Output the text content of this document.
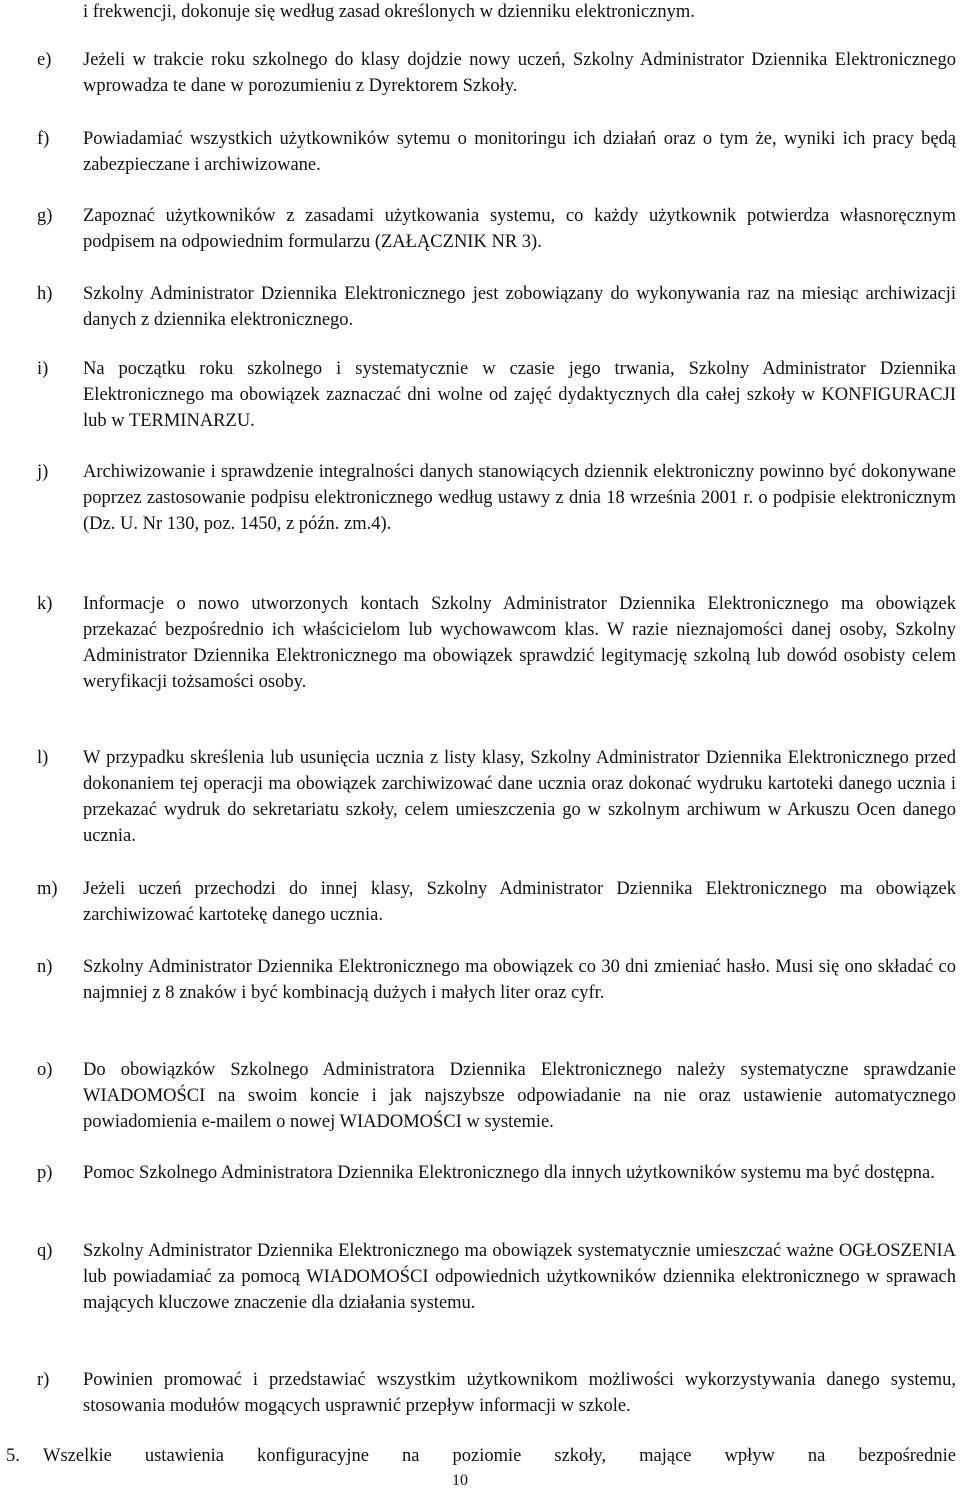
i frekwencji, dokonuje się według zasad określonych w dzienniku elektronicznym.

e) Jeżeli w trakcie roku szkolnego do klasy dojdzie nowy uczeń, Szkolny Administrator Dziennika Elektronicznego wprowadza te dane w porozumieniu z Dyrektorem Szkoły.

f) Powiadamiać wszystkich użytkowników sytemu o monitoringu ich działań oraz o tym że, wyniki ich pracy będą zabezpieczane i archiwizowane.

g) Zapoznać użytkowników z zasadami użytkowania systemu, co każdy użytkownik potwierdza własnoręcznym podpisem na odpowiednim formularzu (ZAŁĄCZNIK NR 3).

h) Szkolny Administrator Dziennika Elektronicznego jest zobowiązany do wykonywania raz na miesiąc archiwizacji danych z dziennika elektronicznego.

i) Na początku roku szkolnego i systematycznie w czasie jego trwania, Szkolny Administrator Dziennika Elektronicznego ma obowiązek zaznaczać dni wolne od zajęć dydaktycznych dla całej szkoły w KONFIGURACJI lub w TERMINARZU.

j) Archiwizowanie i sprawdzenie integralności danych stanowiących dziennik elektroniczny powinno być dokonywane poprzez zastosowanie podpisu elektronicznego według ustawy z dnia 18 września 2001 r. o podpisie elektronicznym (Dz. U. Nr 130, poz. 1450, z późn. zm.4).

k) Informacje o nowo utworzonych kontach Szkolny Administrator Dziennika Elektronicznego ma obowiązek przekazać bezpośrednio ich właścicielom lub wychowawcom klas. W razie nieznajomości danej osoby, Szkolny Administrator Dziennika Elektronicznego ma obowiązek sprawdzić legitymację szkolną lub dowód osobisty celem weryfikacji tożsamości osoby.

l) W przypadku skreślenia lub usunięcia ucznia z listy klasy, Szkolny Administrator Dziennika Elektronicznego przed dokonaniem tej operacji ma obowiązek zarchiwizować dane ucznia oraz dokonać wydruku kartoteki danego ucznia i przekazać wydruk do sekretariatu szkoły, celem umieszczenia go w szkolnym archiwum w Arkuszu Ocen danego ucznia.

m) Jeżeli uczeń przechodzi do innej klasy, Szkolny Administrator Dziennika Elektronicznego ma obowiązek zarchiwizować kartotekę danego ucznia.

n) Szkolny Administrator Dziennika Elektronicznego ma obowiązek co 30 dni zmieniać hasło. Musi się ono składać co najmniej z 8 znaków i być kombinacją dużych i małych liter oraz cyfr.

o) Do obowiązków Szkolnego Administratora Dziennika Elektronicznego należy systematyczne sprawdzanie WIADOMOŚCI na swoim koncie i jak najszybsze odpowiadanie na nie oraz ustawienie automatycznego powiadomienia e-mailem o nowej WIADOMOŚCI w systemie.

p) Pomoc Szkolnego Administratora Dziennika Elektronicznego dla innych użytkowników systemu ma być dostępna.

q) Szkolny Administrator Dziennika Elektronicznego ma obowiązek systematycznie umieszczać ważne OGŁOSZENIA lub powiadamiać za pomocą WIADOMOŚCI odpowiednich użytkowników dziennika elektronicznego w sprawach mających kluczowe znaczenie dla działania systemu.

r) Powinien promować i przedstawiać wszystkim użytkownikom możliwości wykorzystywania danego systemu, stosowania modułów mogących usprawnić przepływ informacji w szkole.

5. Wszelkie ustawienia konfiguracyjne na poziomie szkoły, mające wpływ na bezpośrednie

10
